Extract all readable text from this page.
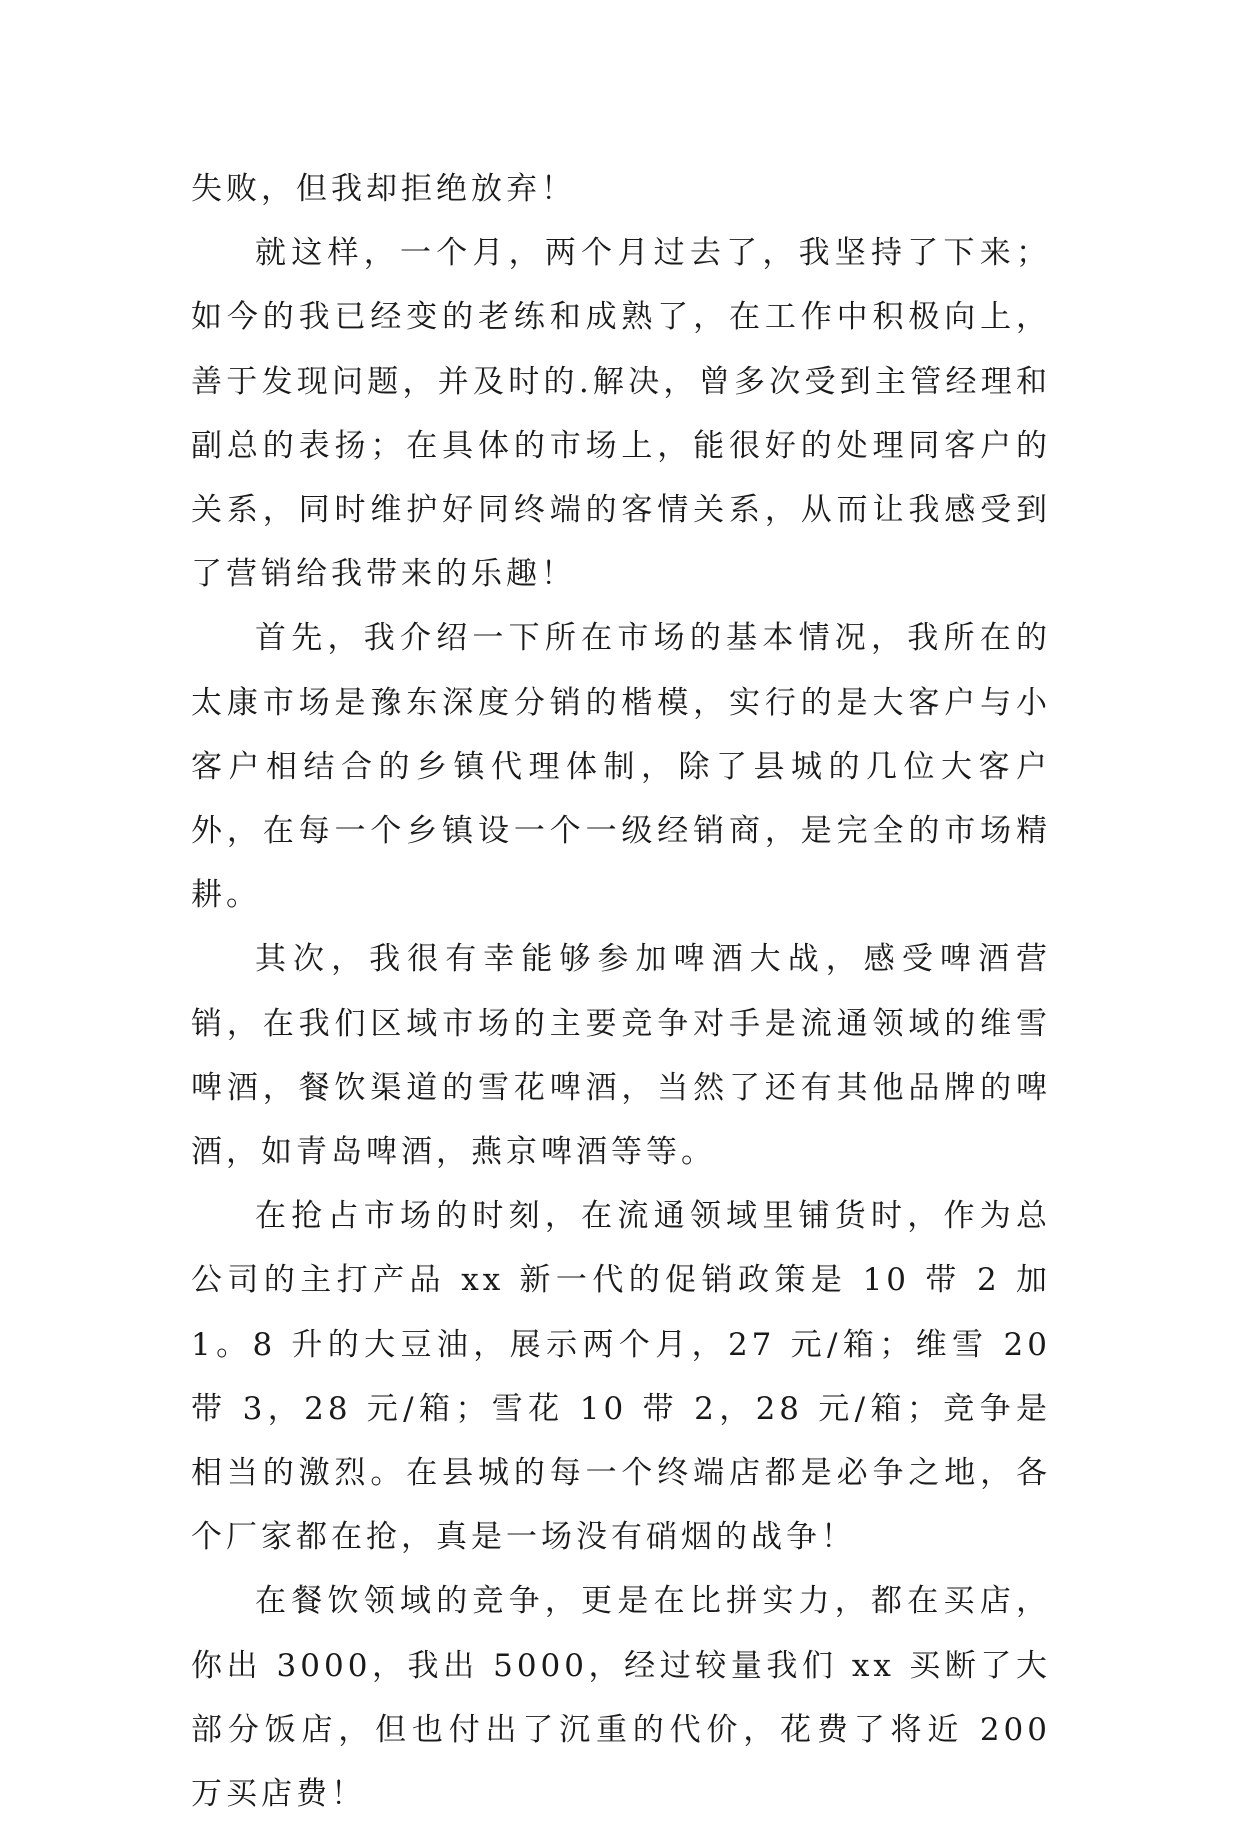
失败，但我却拒绝放弃！

就这样，一个月，两个月过去了，我坚持了下来；如今的我已经变的老练和成熟了，在工作中积极向上，善于发现问题，并及时的.解决，曾多次受到主管经理和副总的表扬；在具体的市场上，能很好的处理同客户的关系，同时维护好同终端的客情关系，从而让我感受到了营销给我带来的乐趣！

首先，我介绍一下所在市场的基本情况，我所在的太康市场是豫东深度分销的楷模，实行的是大客户与小客户相结合的乡镇代理体制，除了县城的几位大客户外，在每一个乡镇设一个一级经销商，是完全的市场精耕。

其次，我很有幸能够参加啤酒大战，感受啤酒营销，在我们区域市场的主要竞争对手是流通领域的维雪啤酒，餐饮渠道的雪花啤酒，当然了还有其他品牌的啤酒，如青岛啤酒，燕京啤酒等等。

在抢占市场的时刻，在流通领域里铺货时，作为总公司的主打产品 xx 新一代的促销政策是 10 带 2 加 1。8 升的大豆油，展示两个月，27 元/箱；维雪 20 带 3，28 元/箱；雪花 10 带 2，28 元/箱；竞争是相当的激烈。在县城的每一个终端店都是必争之地，各个厂家都在抢，真是一场没有硝烟的战争！

在餐饮领域的竞争，更是在比拼实力，都在买店，你出 3000，我出 5000，经过较量我们 xx 买断了大部分饭店，但也付出了沉重的代价，花费了将近 200 万买店费！
